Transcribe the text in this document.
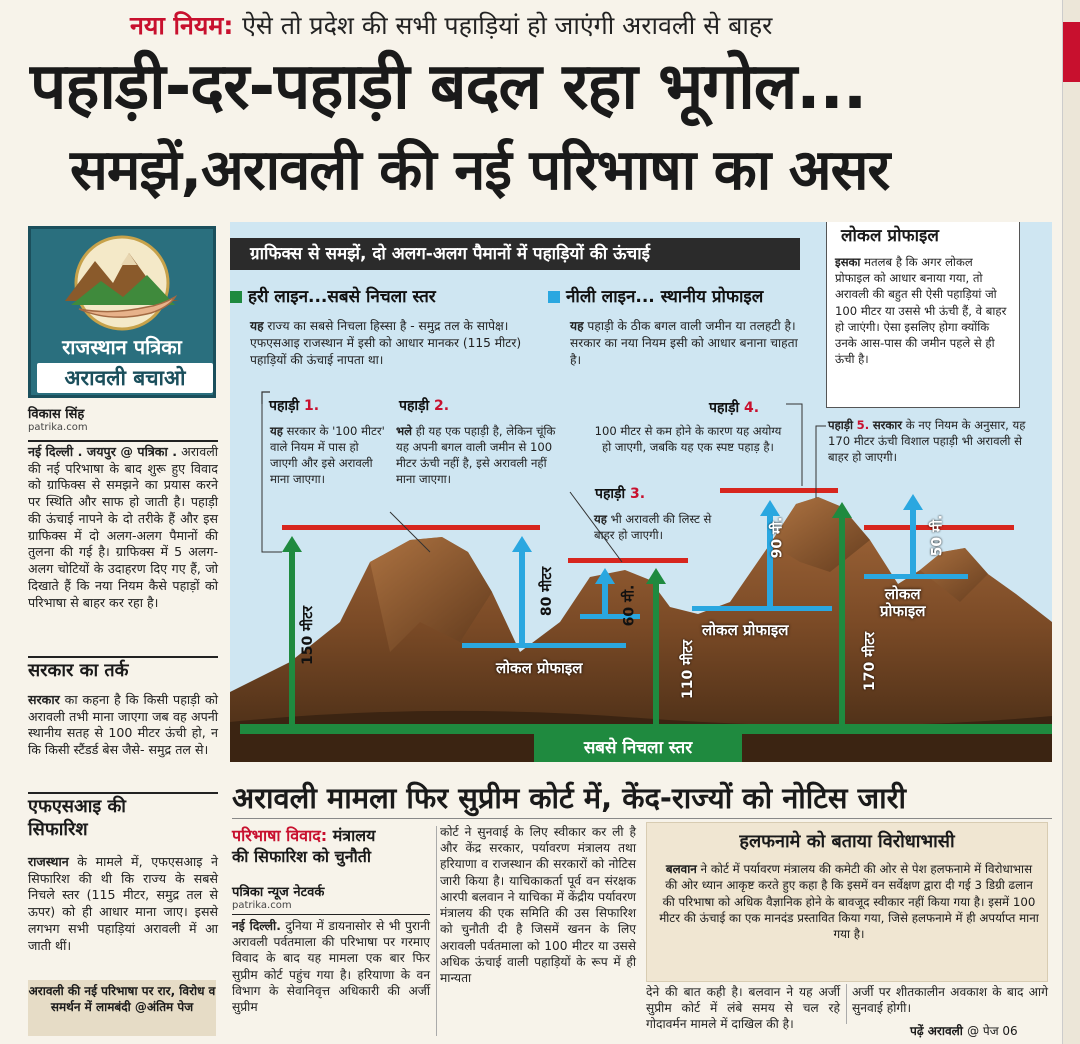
नया नियम: ऐसे तो प्रदेश की सभी पहाड़ियां हो जाएंगी अरावली से बाहर
पहाड़ी-दर-पहाड़ी बदल रहा भूगोल...
समझें,अरावली की नई परिभाषा का असर
राजस्थान पत्रिका
अरावली बचाओ
विकास सिंह
patrika.com
नई दिल्ली . जयपुर @ पत्रिका . अरावली की नई परिभाषा के बाद शुरू हुए विवाद को ग्राफिक्स से समझने का प्रयास करने पर स्थिति और साफ हो जाती है। पहाड़ी की ऊंचाई नापने के दो तरीके हैं और इस ग्राफिक्स में दो अलग-अलग पैमानों की तुलना की गई है। ग्राफिक्स में 5 अलग-अलग चोटियों के उदाहरण दिए गए हैं, जो दिखाते हैं कि नया नियम कैसे पहाड़ों को परिभाषा से बाहर कर रहा है।
सरकार का तर्क
सरकार का कहना है कि किसी पहाड़ी को अरावली तभी माना जाएगा जब वह अपनी स्थानीय सतह से 100 मीटर ऊंची हो, न कि किसी स्टैंडर्ड बेस जैसे- समुद्र तल से।
एफएसआइ की
सिफारिश
राजस्थान के मामले में, एफएसआइ ने सिफारिश की थी कि राज्य के सबसे निचले स्तर (115 मीटर, समुद्र तल से ऊपर) को ही आधार माना जाए। इससे लगभग सभी पहाड़ियां अरावली में आ जाती थीं।
अरावली की नई परिभाषा पर रार, विरोध व समर्थन में लामबंदी @अंतिम पेज
ग्राफिक्स से समझें, दो अलग-अलग पैमानों में पहाड़ियों की ऊंचाई
हरी लाइन...सबसे निचला स्तर
यह राज्य का सबसे निचला हिस्सा है - समुद्र तल के सापेक्ष। एफएसआइ राजस्थान में इसी को आधार मानकर (115 मीटर) पहाड़ियों की ऊंचाई नापता था।
नीली लाइन... स्थानीय प्रोफाइल
यह पहाड़ी के ठीक बगल वाली जमीन या तलहटी है। सरकार का नया नियम इसी को आधार बनाना चाहता है।
लोकल प्रोफाइल
इसका मतलब है कि अगर लोकल प्रोफाइल को आधार बनाया गया, तो अरावली की बहुत सी ऐसी पहाड़ियां जो 100 मीटर या उससे भी ऊंची हैं, वे बाहर हो जाएंगी। ऐसा इसलिए होगा क्योंकि उनके आस-पास की जमीन पहले से ही ऊंची है।
पहाड़ी 1.
यह सरकार के '100 मीटर' वाले नियम में पास हो जाएगी और इसे अरावली माना जाएगा।
पहाड़ी 2.
भले ही यह एक पहाड़ी है, लेकिन चूंकि यह अपनी बगल वाली जमीन से 100 मीटर ऊंची नहीं है, इसे अरावली नहीं माना जाएगा।
पहाड़ी 3.
यह भी अरावली की लिस्ट से बाहर हो जाएगी।
पहाड़ी 4.
100 मीटर से कम होने के कारण यह अयोग्य हो जाएगी, जबकि यह एक स्पष्ट पहाड़ है।
पहाड़ी 5. सरकार के नए नियम के अनुसार, यह 170 मीटर ऊंची विशाल पहाड़ी भी अरावली से बाहर हो जाएगी।
150 मीटर
80 मीटर
110 मीटर
60 मी.
90 मी.
170 मीटर
50 मी.
लोकल प्रोफाइल
लोकल प्रोफाइल
लोकल
प्रोफाइल
सबसे निचला स्तर
अरावली मामला फिर सुप्रीम कोर्ट में, केंद-राज्यों को नोटिस जारी
परिभाषा विवाद: मंत्रालय
की सिफारिश को चुनौती
पत्रिका न्यूज नेटवर्क
patrika.com
नई दिल्ली. दुनिया में डायनासोर से भी पुरानी अरावली पर्वतमाला की परिभाषा पर गरमाए विवाद के बाद यह मामला एक बार फिर सुप्रीम कोर्ट पहुंच गया है। हरियाणा के वन विभाग के सेवानिवृत्त अधिकारी की अर्जी सुप्रीम
कोर्ट ने सुनवाई के लिए स्वीकार कर ली है और केंद्र सरकार, पर्यावरण मंत्रालय तथा हरियाणा व राजस्थान की सरकारों को नोटिस जारी किया है। याचिकाकर्ता पूर्व वन संरक्षक आरपी बलवान ने याचिका में केंद्रीय पर्यावरण मंत्रालय की एक समिति की उस सिफारिश को चुनौती दी है जिसमें खनन के लिए अरावली पर्वतमाला को 100 मीटर या उससे अधिक ऊंचाई वाली पहाड़ियों के रूप में ही मान्यता
हलफनामे को बताया विरोधाभासी
बलवान ने कोर्ट में पर्यावरण मंत्रालय की कमेटी की ओर से पेश हलफनामे में विरोधाभास की ओर ध्यान आकृष्ट करते हुए कहा है कि इसमें वन सर्वेक्षण द्वारा दी गई 3 डिग्री ढलान की परिभाषा को अधिक वैज्ञानिक होने के बावजूद स्वीकार नहीं किया गया है। इसमें 100 मीटर की ऊंचाई का एक मानदंड प्रस्तावित किया गया, जिसे हलफनामे में ही अपर्याप्त माना गया है।
देने की बात कही है। बलवान ने यह अर्जी सुप्रीम कोर्ट में लंबे समय से चल रहे गोदावर्मन मामले में दाखिल की है।
अर्जी पर शीतकालीन अवकाश के बाद आगे सुनवाई होगी।
पढ़ें अरावली @ पेज 06
